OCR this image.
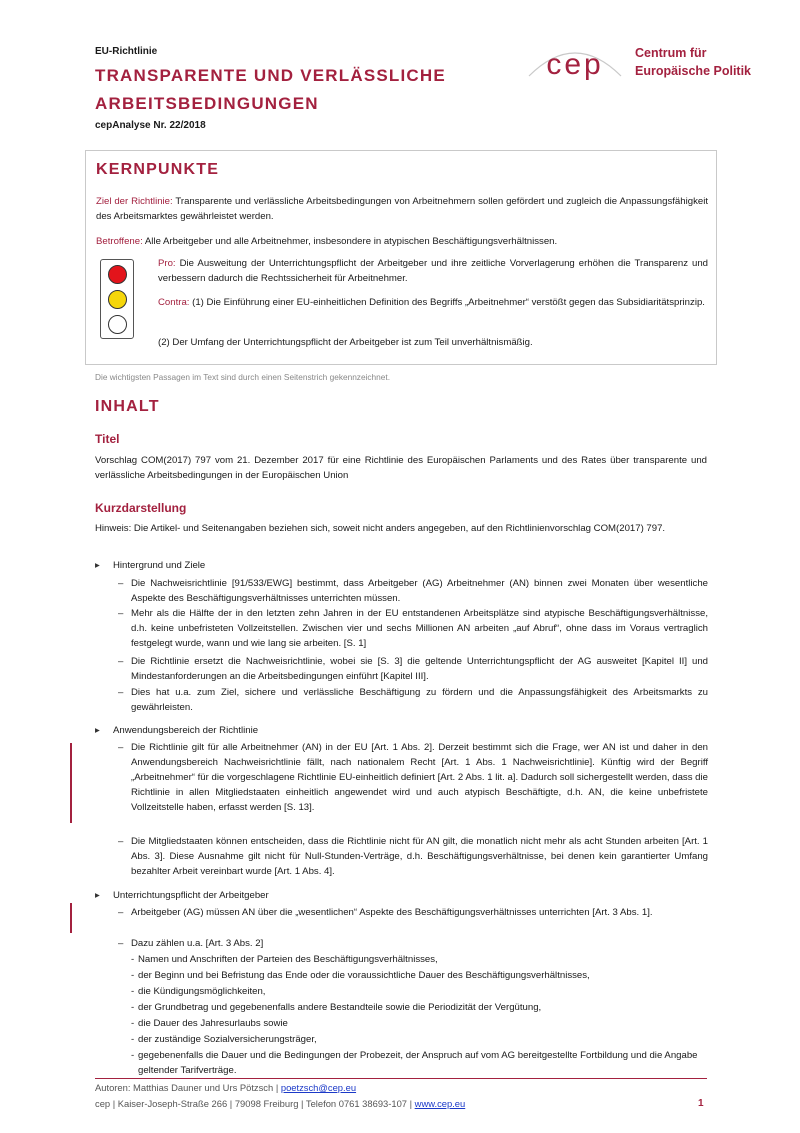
EU-Richtlinie
TRANSPARENTE UND VERLÄSSLICHE ARBEITSBEDINGUNGEN
cepAnalyse Nr. 22/2018
cep	Centrum für
Europäische Politik
KERNPUNKTE
Ziel der Richtlinie: Transparente und verlässliche Arbeitsbedingungen von Arbeitnehmern sollen gefördert und zugleich die Anpassungsfähigkeit des Arbeitsmarktes gewährleistet werden.
Betroffene: Alle Arbeitgeber und alle Arbeitnehmer, insbesondere in atypischen Beschäftigungsverhältnissen.
Pro: Die Ausweitung der Unterrichtungspflicht der Arbeitgeber und ihre zeitliche Vorverlagerung erhöhen die Transparenz und verbessern dadurch die Rechtssicherheit für Arbeitnehmer.
Contra: (1) Die Einführung einer EU-einheitlichen Definition des Begriffs „Arbeitnehmer“ verstößt gegen das Subsidiaritätsprinzip.
(2) Der Umfang der Unterrichtungspflicht der Arbeitgeber ist zum Teil unverhältnismäßig.
Die wichtigsten Passagen im Text sind durch einen Seitenstrich gekennzeichnet.
INHALT
Titel
Vorschlag COM(2017) 797 vom 21. Dezember 2017 für eine Richtlinie des Europäischen Parlaments und des Rates über transparente und verlässliche Arbeitsbedingungen in der Europäischen Union
Kurzdarstellung
Hinweis: Die Artikel- und Seitenangaben beziehen sich, soweit nicht anders angegeben, auf den Richtlinienvorschlag COM(2017) 797.
▸ Hintergrund und Ziele
– Die Nachweisrichtlinie [91/533/EWG] bestimmt, dass Arbeitgeber (AG) Arbeitnehmer (AN) binnen zwei Monaten über wesentliche Aspekte des Beschäftigungsverhältnisses unterrichten müssen.
– Mehr als die Hälfte der in den letzten zehn Jahren in der EU entstandenen Arbeitsplätze sind atypische Beschäftigungsverhältnisse, d.h. keine unbefristeten Vollzeitstellen. Zwischen vier und sechs Millionen AN arbeiten „auf Abruf“, ohne dass im Voraus vertraglich festgelegt wurde, wann und wie lang sie arbeiten. [S. 1]
– Die Richtlinie ersetzt die Nachweisrichtlinie, wobei sie [S. 3] die geltende Unterrichtungspflicht der AG ausweitet [Kapitel II] und Mindestanforderungen an die Arbeitsbedingungen einführt [Kapitel III].
– Dies hat u.a. zum Ziel, sichere und verlässliche Beschäftigung zu fördern und die Anpassungsfähigkeit des Arbeitsmarkts zu gewährleisten.
▸ Anwendungsbereich der Richtlinie
– Die Richtlinie gilt für alle Arbeitnehmer (AN) in der EU [Art. 1 Abs. 2]. Derzeit bestimmt sich die Frage, wer AN ist und daher in den Anwendungsbereich Nachweisrichtlinie fällt, nach nationalem Recht [Art. 1 Abs. 1 Nachweisrichtlinie]. Künftig wird der Begriff „Arbeitnehmer“ für die vorgeschlagene Richtlinie EU-einheitlich definiert [Art. 2 Abs. 1 lit. a]. Dadurch soll sichergestellt werden, dass die Richtlinie in allen Mitgliedstaaten einheitlich angewendet wird und auch atypisch Beschäftigte, d.h. AN, die keine unbefristete Vollzeitstelle haben, erfasst werden [S. 13].
– Die Mitgliedstaaten können entscheiden, dass die Richtlinie nicht für AN gilt, die monatlich nicht mehr als acht Stunden arbeiten [Art. 1 Abs. 3]. Diese Ausnahme gilt nicht für Null-Stunden-Verträge, d.h. Beschäftigungsverhältnisse, bei denen kein garantierter Umfang bezahlter Arbeit vereinbart wurde [Art. 1 Abs. 4].
▸ Unterrichtungspflicht der Arbeitgeber
– Arbeitgeber (AG) müssen AN über die „wesentlichen“ Aspekte des Beschäftigungsverhältnisses unterrichten [Art. 3 Abs. 1].
– Dazu zählen u.a. [Art. 3 Abs. 2]
- Namen und Anschriften der Parteien des Beschäftigungsverhältnisses,
- der Beginn und bei Befristung das Ende oder die voraussichtliche Dauer des Beschäftigungsverhältnisses,
- die Kündigungsmöglichkeiten,
- der Grundbetrag und gegebenenfalls andere Bestandteile sowie die Periodizität der Vergütung,
- die Dauer des Jahresurlaubs sowie
- der zuständige Sozialversicherungsträger,
- gegebenenfalls die Dauer und die Bedingungen der Probezeit, der Anspruch auf vom AG bereitgestellte Fortbildung und die Angabe geltender Tarifverträge.
Autoren: Matthias Dauner und Urs Pötzsch | poetzsch@cep.eu
cep | Kaiser-Joseph-Straße 266 | 79098 Freiburg | Telefon 0761 38693-107 | www.cep.eu	1
